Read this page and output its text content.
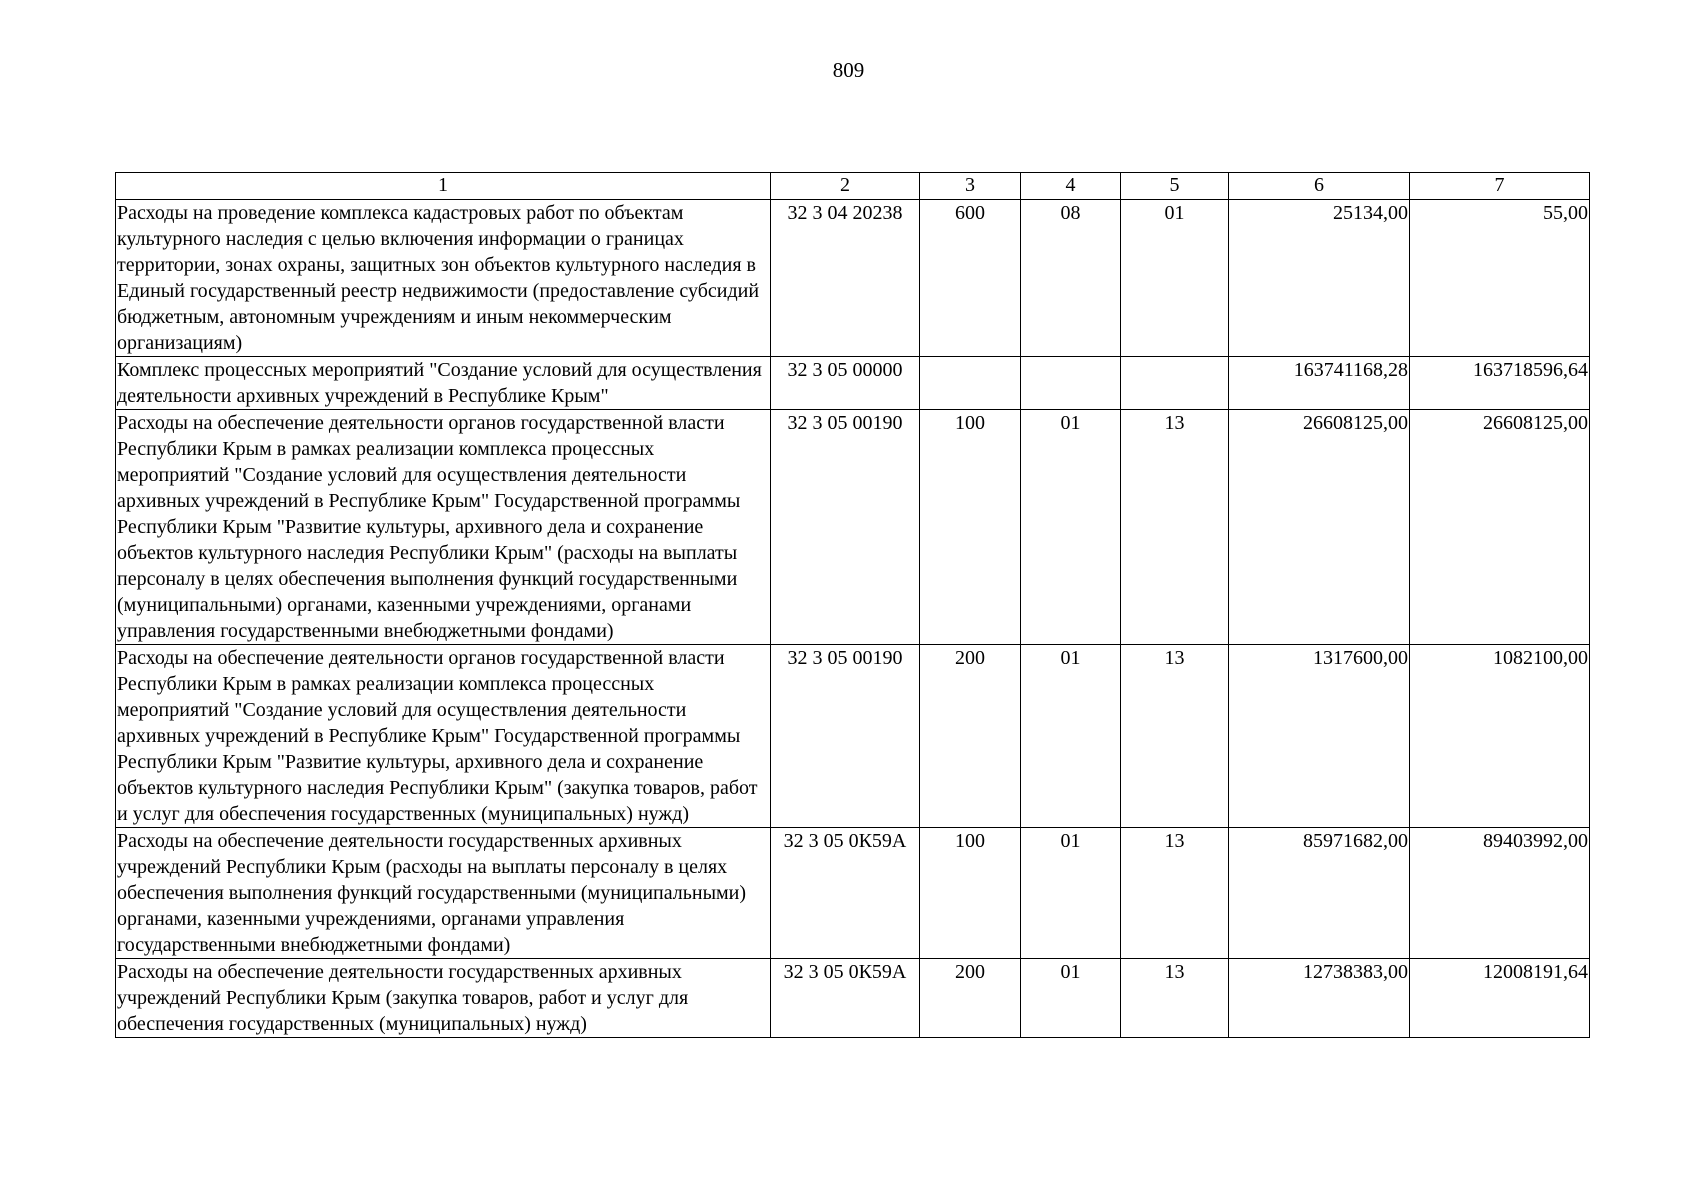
809
1	2	3	4	5	6	7
Расходы на проведение комплекса кадастровых работ по объектам культурного наследия с целью включения информации о границах территории, зонах охраны, защитных зон объектов культурного наследия в Единый государственный реестр недвижимости (предоставление субсидий бюджетным, автономным учреждениям и иным некоммерческим организациям)	32 3 04 20238	600	08	01	25134,00	55,00
Комплекс процессных мероприятий "Создание условий для осуществления деятельности архивных учреждений в Республике Крым"	32 3 05 00000				163741168,28	163718596,64
Расходы на обеспечение деятельности органов государственной власти Республики Крым в рамках реализации комплекса процессных мероприятий "Создание условий для осуществления деятельности архивных учреждений в Республике Крым" Государственной программы Республики Крым "Развитие культуры, архивного дела и сохранение объектов культурного наследия Республики Крым" (расходы на выплаты персоналу в целях обеспечения выполнения функций государственными (муниципальными) органами, казенными учреждениями, органами управления государственными внебюджетными фондами)	32 3 05 00190	100	01	13	26608125,00	26608125,00
Расходы на обеспечение деятельности органов государственной власти Республики Крым в рамках реализации комплекса процессных мероприятий "Создание условий для осуществления деятельности архивных учреждений в Республике Крым" Государственной программы Республики Крым "Развитие культуры, архивного дела и сохранение объектов культурного наследия Республики Крым" (закупка товаров, работ и услуг для обеспечения государственных (муниципальных) нужд)	32 3 05 00190	200	01	13	1317600,00	1082100,00
Расходы на обеспечение деятельности государственных архивных учреждений Республики Крым (расходы на выплаты персоналу в целях обеспечения выполнения функций государственными (муниципальными) органами, казенными учреждениями, органами управления государственными внебюджетными фондами)	32 3 05 0К59А	100	01	13	85971682,00	89403992,00
Расходы на обеспечение деятельности государственных архивных учреждений Республики Крым (закупка товаров, работ и услуг для обеспечения государственных (муниципальных) нужд)	32 3 05 0К59А	200	01	13	12738383,00	12008191,64
